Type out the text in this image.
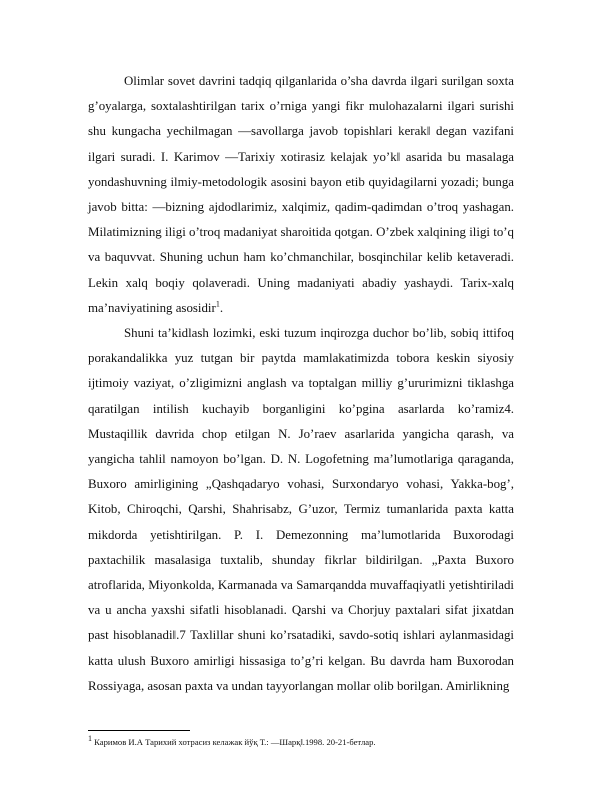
Olimlar sovet davrini tadqiq qilganlarida o’sha davrda ilgari surilgan soxta g’oyalarga, soxtalashtirilgan tarix o’rniga yangi fikr mulohazalarni ilgari surishi shu kungacha yechilmagan ―savollarga javob topishlari kerak‖ degan vazifani ilgari suradi. I. Karimov ―Tarixiy xotirasiz kelajak yo’k‖ asarida bu masalaga yondashuvning ilmiy-metodologik asosini bayon etib quyidagilarni yozadi; bunga javob bitta: ―bizning ajdodlarimiz, xalqimiz, qadim-qadimdan o’troq yashagan. Milatimizning iligi o’troq madaniyat sharoitida qotgan. O’zbek xalqining iligi to’q va baquvvat. Shuning uchun ham ko’chmanchilar, bosqinchilar kelib ketaveradi. Lekin xalq boqiy qolaveradi. Uning madaniyati abadiy yashaydi. Tarix-xalq ma’naviyatining asosidir$^1$.

Shuni ta’kidlash lozimki, eski tuzum inqirozga duchor bo’lib, sobiq ittifoq porakandalikka yuz tutgan bir paytda mamlakatimizda tobora keskin siyosiy ijtimoiy vaziyat, o’zligimizni anglash va toptalgan milliy g’ururimizni tiklashga qaratilgan intilish kuchayib borganligini ko’pgina asarlarda ko’ramiz4. Mustaqillik davrida chop etilgan N. Jo’raev asarlarida yangicha qarash, va yangicha tahlil namoyon bo’lgan. D. N. Logofetning ma’lumotlariga qaraganda, Buxoro amirligining „Qashqadaryo vohasi, Surxondaryo vohasi, Yakka-bog’, Kitob, Chiroqchi, Qarshi, Shahrisabz, G’uzor, Termiz tumanlarida paxta katta mikdorda yetishtirilgan. P. I. Demezonning ma’lumotlarida Buxorodagi paxtachilik masalasiga tuxtalib, shunday fikrlar bildirilgan. „Paxta Buxoro atroflarida, Miyonkolda, Karmanada va Samarqandda muvaffaqiyatli yetishtiriladi va u ancha yaxshi sifatli hisoblanadi. Qarshi va Chorjuy paxtalari sifat jixatdan past hisoblanadi‖.7 Taxlillar shuni ko’rsatadiki, savdo-sotiq ishlari aylanmasidagi katta ulush Buxoro amirligi hissasiga to’g’ri kelgan. Bu davrda ham Buxorodan Rossiyaga, asosan paxta va undan tayyorlangan mollar olib borilgan. Amirlikning

$^1$ Каримов И.А Тарихий хотрасиз келажак йўқ Т.: ―Шарқ‖.1998. 20-21-бетлар.
